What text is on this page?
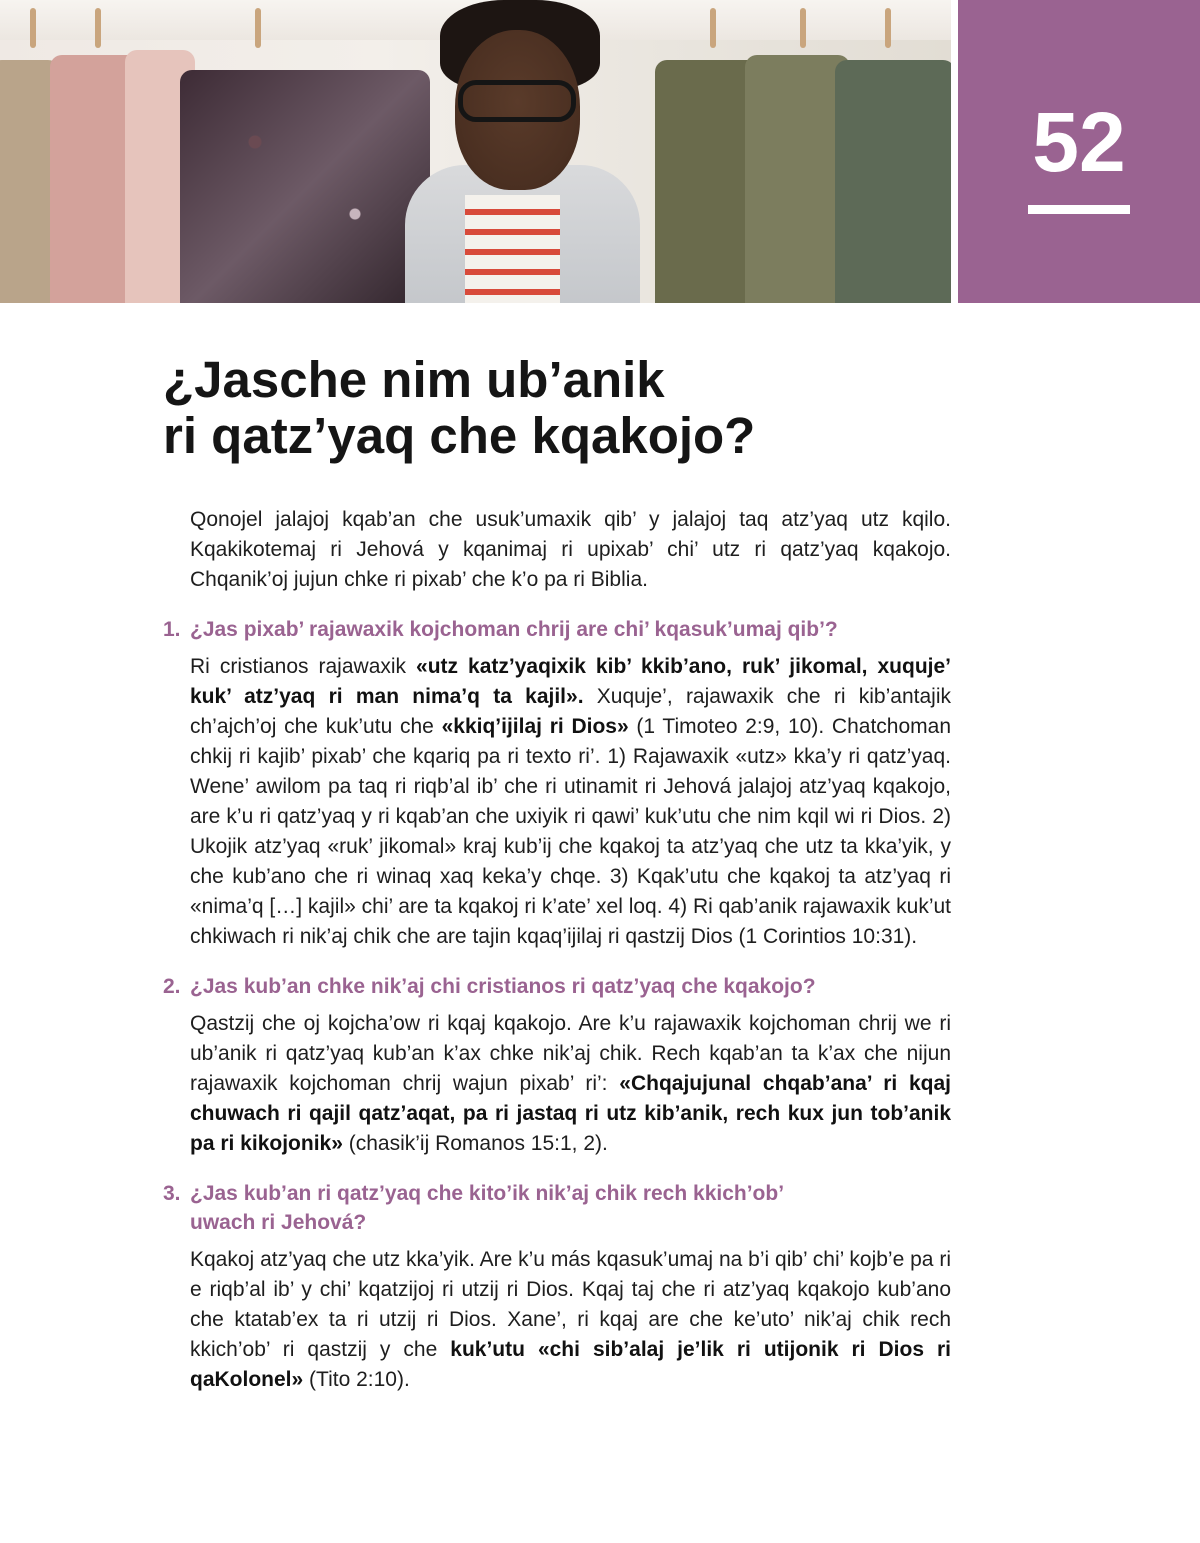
52
¿Jasche nim ub’anik
ri qatz’yaq che kqakojo?

Qonojel jalajoj kqab’an che usuk’umaxik qib’ y jalajoj taq atz’yaq utz kqilo. Kqakikotemaj ri Jehová y kqanimaj ri upixab’ chi’ utz ri qatz’yaq kqakojo. Chqanik’oj jujun chke ri pixab’ che k’o pa ri Biblia.

1. ¿Jas pixab’ rajawaxik kojchoman chrij are chi’ kqasuk’umaj qib’?

Ri cristianos rajawaxik «utz katz’yaqixik kib’ kkib’ano, ruk’ jikomal, xuquje’ kuk’ atz’yaq ri man nima’q ta kajil». Xuquje’, rajawaxik che ri kib’antajik ch’ajch’oj che kuk’utu che «kkiq’ijilaj ri Dios» (1 Timoteo 2:9, 10). Chatchoman chkij ri kajib’ pixab’ che kqariq pa ri texto ri’. 1) Rajawaxik «utz» kka’y ri qatz’yaq. Wene’ awilom pa taq ri riqb’al ib’ che ri utinamit ri Jehová jalajoj atz’yaq kqakojo, are k’u ri qatz’yaq y ri kqab’an che uxiyik ri qawi’ kuk’utu che nim kqil wi ri Dios. 2) Ukojik atz’yaq «ruk’ jikomal» kraj kub’ij che kqakoj ta atz’yaq che utz ta kka’yik, y che kub’ano che ri winaq xaq keka’y chqe. 3) Kqak’utu che kqakoj ta atz’yaq ri «nima’q […] kajil» chi’ are ta kqakoj ri k’ate’ xel loq. 4) Ri qab’anik rajawaxik kuk’ut chkiwach ri nik’aj chik che are tajin kqaq’ijilaj ri qastzij Dios (1 Corintios 10:31).

2. ¿Jas kub’an chke nik’aj chi cristianos ri qatz’yaq che kqakojo?

Qastzij che oj kojcha’ow ri kqaj kqakojo. Are k’u rajawaxik kojchoman chrij we ri ub’anik ri qatz’yaq kub’an k’ax chke nik’aj chik. Rech kqab’an ta k’ax che nijun rajawaxik kojchoman chrij wajun pixab’ ri’: «Chqajujunal chqab’ana’ ri kqaj chuwach ri qajil qatz’aqat, pa ri jastaq ri utz kib’anik, rech kux jun tob’anik pa ri kikojonik» (chasik’ij Romanos 15:1, 2).

3. ¿Jas kub’an ri qatz’yaq che kito’ik nik’aj chik rech kkich’ob’ uwach ri Jehová?

Kqakoj atz’yaq che utz kka’yik. Are k’u más kqasuk’umaj na b’i qib’ chi’ kojb’e pa ri e riqb’al ib’ y chi’ kqatzijoj ri utzij ri Dios. Kqaj taj che ri atz’yaq kqakojo kub’ano che ktatab’ex ta ri utzij ri Dios. Xane’, ri kqaj are che ke’uto’ nik’aj chik rech kkich’ob’ ri qastzij y che kuk’utu «chi sib’alaj je’lik ri utijonik ri Dios ri qaKolonel» (Tito 2:10).
